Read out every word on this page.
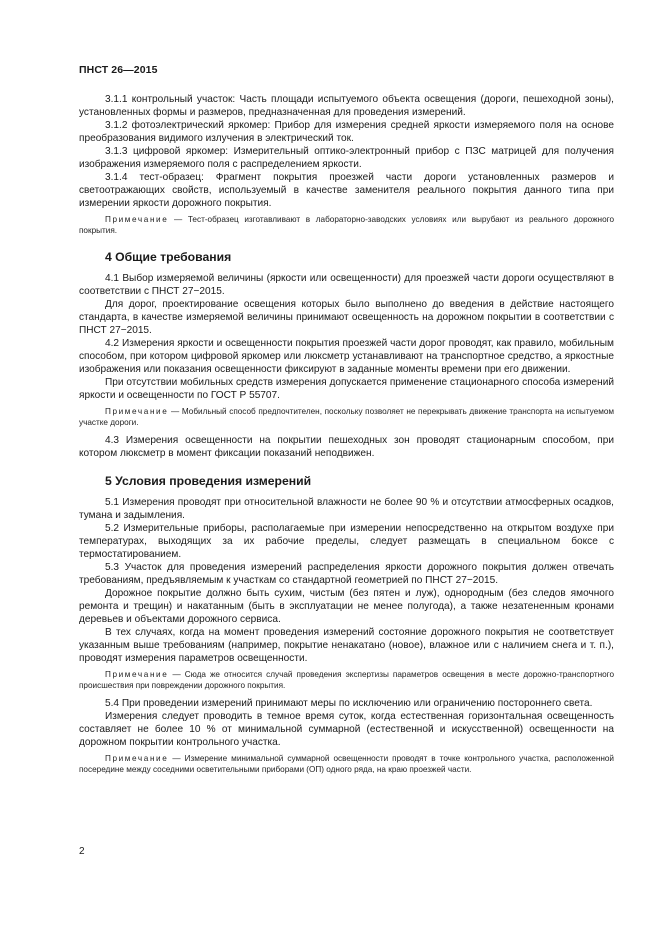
ПНСТ 26—2015

3.1.1 контрольный участок: Часть площади испытуемого объекта освещения (дороги, пешеходной зоны), установленных формы и размеров, предназначенная для проведения измерений.

3.1.2 фотоэлектрический яркомер: Прибор для измерения средней яркости измеряемого поля на основе преобразования видимого излучения в электрический ток.

3.1.3 цифровой яркомер: Измерительный оптико-электронный прибор с ПЗС матрицей для получения изображения измеряемого поля с распределением яркости.

3.1.4 тест-образец: Фрагмент покрытия проезжей части дороги установленных размеров и светоотражающих свойств, используемый в качестве заменителя реального покрытия данного типа при измерении яркости дорожного покрытия.

Примечание — Тест-образец изготавливают в лабораторно-заводских условиях или вырубают из реального дорожного покрытия.

4 Общие требования

4.1 Выбор измеряемой величины (яркости или освещенности) для проезжей части дороги осуществляют в соответствии с ПНСТ 27−2015.

Для дорог, проектирование освещения которых было выполнено до введения в действие настоящего стандарта, в качестве измеряемой величины принимают освещенность на дорожном покрытии в соответствии с ПНСТ 27−2015.

4.2 Измерения яркости и освещенности покрытия проезжей части дорог проводят, как правило, мобильным способом, при котором цифровой яркомер или люксметр устанавливают на транспортное средство, а яркостные изображения или показания освещенности фиксируют в заданные моменты времени при его движении.

При отсутствии мобильных средств измерения допускается применение стационарного способа измерений яркости и освещенности по ГОСТ Р 55707.

Примечание — Мобильный способ предпочтителен, поскольку позволяет не перекрывать движение транспорта на испытуемом участке дороги.

4.3 Измерения освещенности на покрытии пешеходных зон проводят стационарным способом, при котором люксметр в момент фиксации показаний неподвижен.

5 Условия проведения измерений

5.1 Измерения проводят при относительной влажности не более 90 % и отсутствии атмосферных осадков, тумана и задымления.

5.2 Измерительные приборы, располагаемые при измерении непосредственно на открытом воздухе при температурах, выходящих за их рабочие пределы, следует размещать в специальном боксе с термостатированием.

5.3 Участок для проведения измерений распределения яркости дорожного покрытия должен отвечать требованиям, предъявляемым к участкам со стандартной геометрией по ПНСТ 27−2015.

Дорожное покрытие должно быть сухим, чистым (без пятен и луж), однородным (без следов ямочного ремонта и трещин) и накатанным (быть в эксплуатации не менее полугода), а также незатененным кронами деревьев и объектами дорожного сервиса.

В тех случаях, когда на момент проведения измерений состояние дорожного покрытия не соответствует указанным выше требованиям (например, покрытие ненакатано (новое), влажное или с наличием снега и т. п.), проводят измерения параметров освещенности.

Примечание — Сюда же относится случай проведения экспертизы параметров освещения в месте дорожно-транспортного происшествия при повреждении дорожного покрытия.

5.4 При проведении измерений принимают меры по исключению или ограничению постороннего света.

Измерения следует проводить в темное время суток, когда естественная горизонтальная освещенность составляет не более 10 % от минимальной суммарной (естественной и искусственной) освещенности на дорожном покрытии контрольного участка.

Примечание — Измерение минимальной суммарной освещенности проводят в точке контрольного участка, расположенной посередине между соседними осветительными приборами (ОП) одного ряда, на краю проезжей части.

2
